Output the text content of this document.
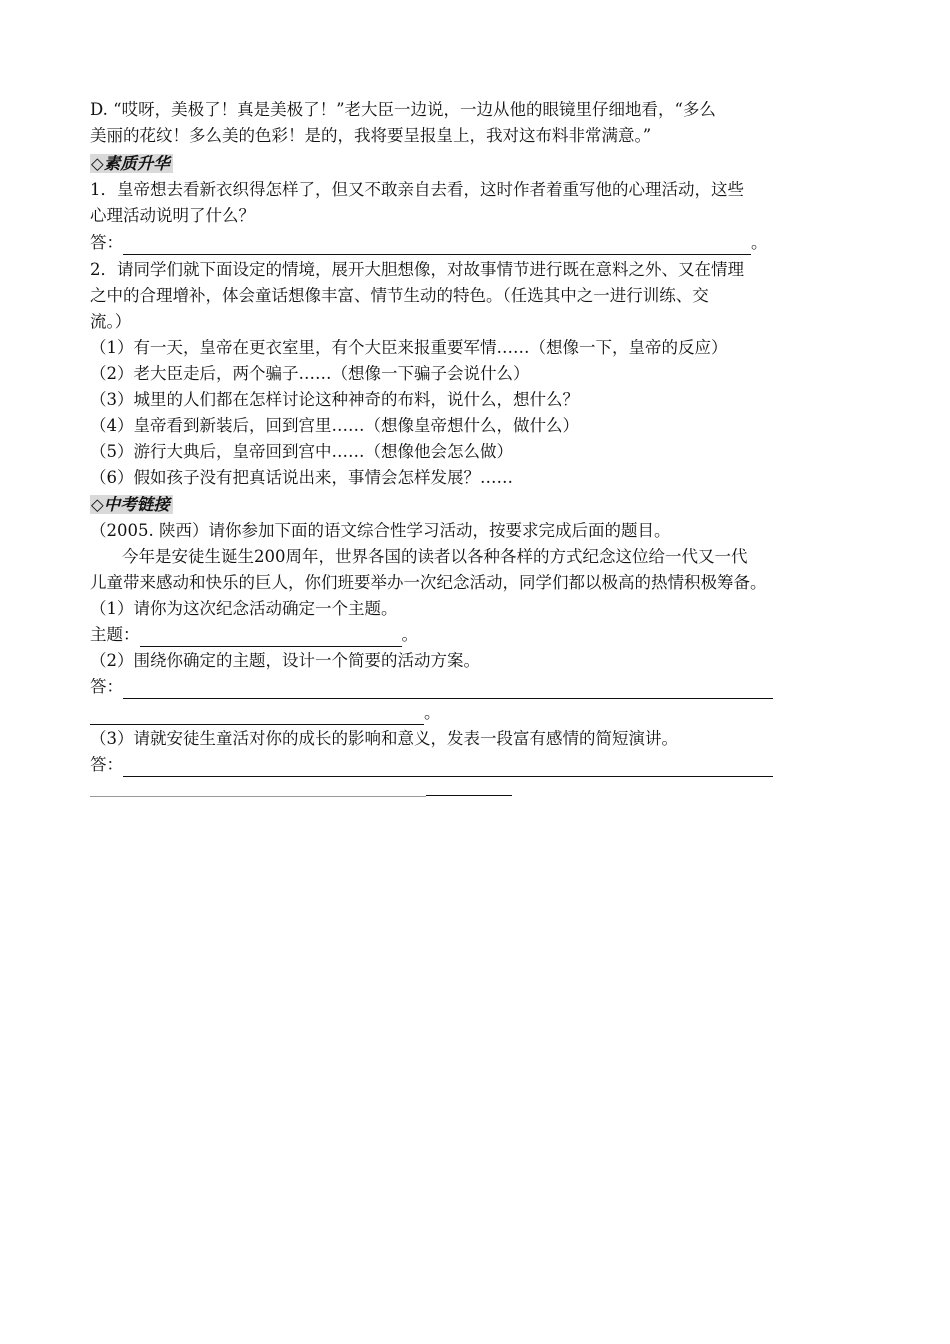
D. “哎呀，美极了！真是美极了！”老大臣一边说，一边从他的眼镜里仔细地看，“多么
美丽的花纹！多么美的色彩！是的，我将要呈报皇上，我对这布料非常满意。”
◇素质升华
1．皇帝想去看新衣织得怎样了，但又不敢亲自去看，这时作者着重写他的心理活动，这些
心理活动说明了什么？
答：	。
2．请同学们就下面设定的情境，展开大胆想像，对故事情节进行既在意料之外、又在情理
之中的合理增补，体会童话想像丰富、情节生动的特色。（任选其中之一进行训练、交
流。）
（1）有一天，皇帝在更衣室里，有个大臣来报重要军情……（想像一下，皇帝的反应）
（2）老大臣走后，两个骗子……（想像一下骗子会说什么）
（3）城里的人们都在怎样讨论这种神奇的布料，说什么，想什么？
（4）皇帝看到新装后，回到宫里……（想像皇帝想什么，做什么）
（5）游行大典后，皇帝回到宫中……（想像他会怎么做）
（6）假如孩子没有把真话说出来，事情会怎样发展？……
◇中考链接
（2005. 陕西）请你参加下面的语文综合性学习活动，按要求完成后面的题目。
今年是安徒生诞生200周年，世界各国的读者以各种各样的方式纪念这位给一代又一代
儿童带来感动和快乐的巨人，你们班要举办一次纪念活动，同学们都以极高的热情积极筹备。
（1）请你为这次纪念活动确定一个主题。
主题：	。
（2）围绕你确定的主题，设计一个简要的活动方案。
答：
。
（3）请就安徒生童活对你的成长的影响和意义，发表一段富有感情的简短演讲。
答：
